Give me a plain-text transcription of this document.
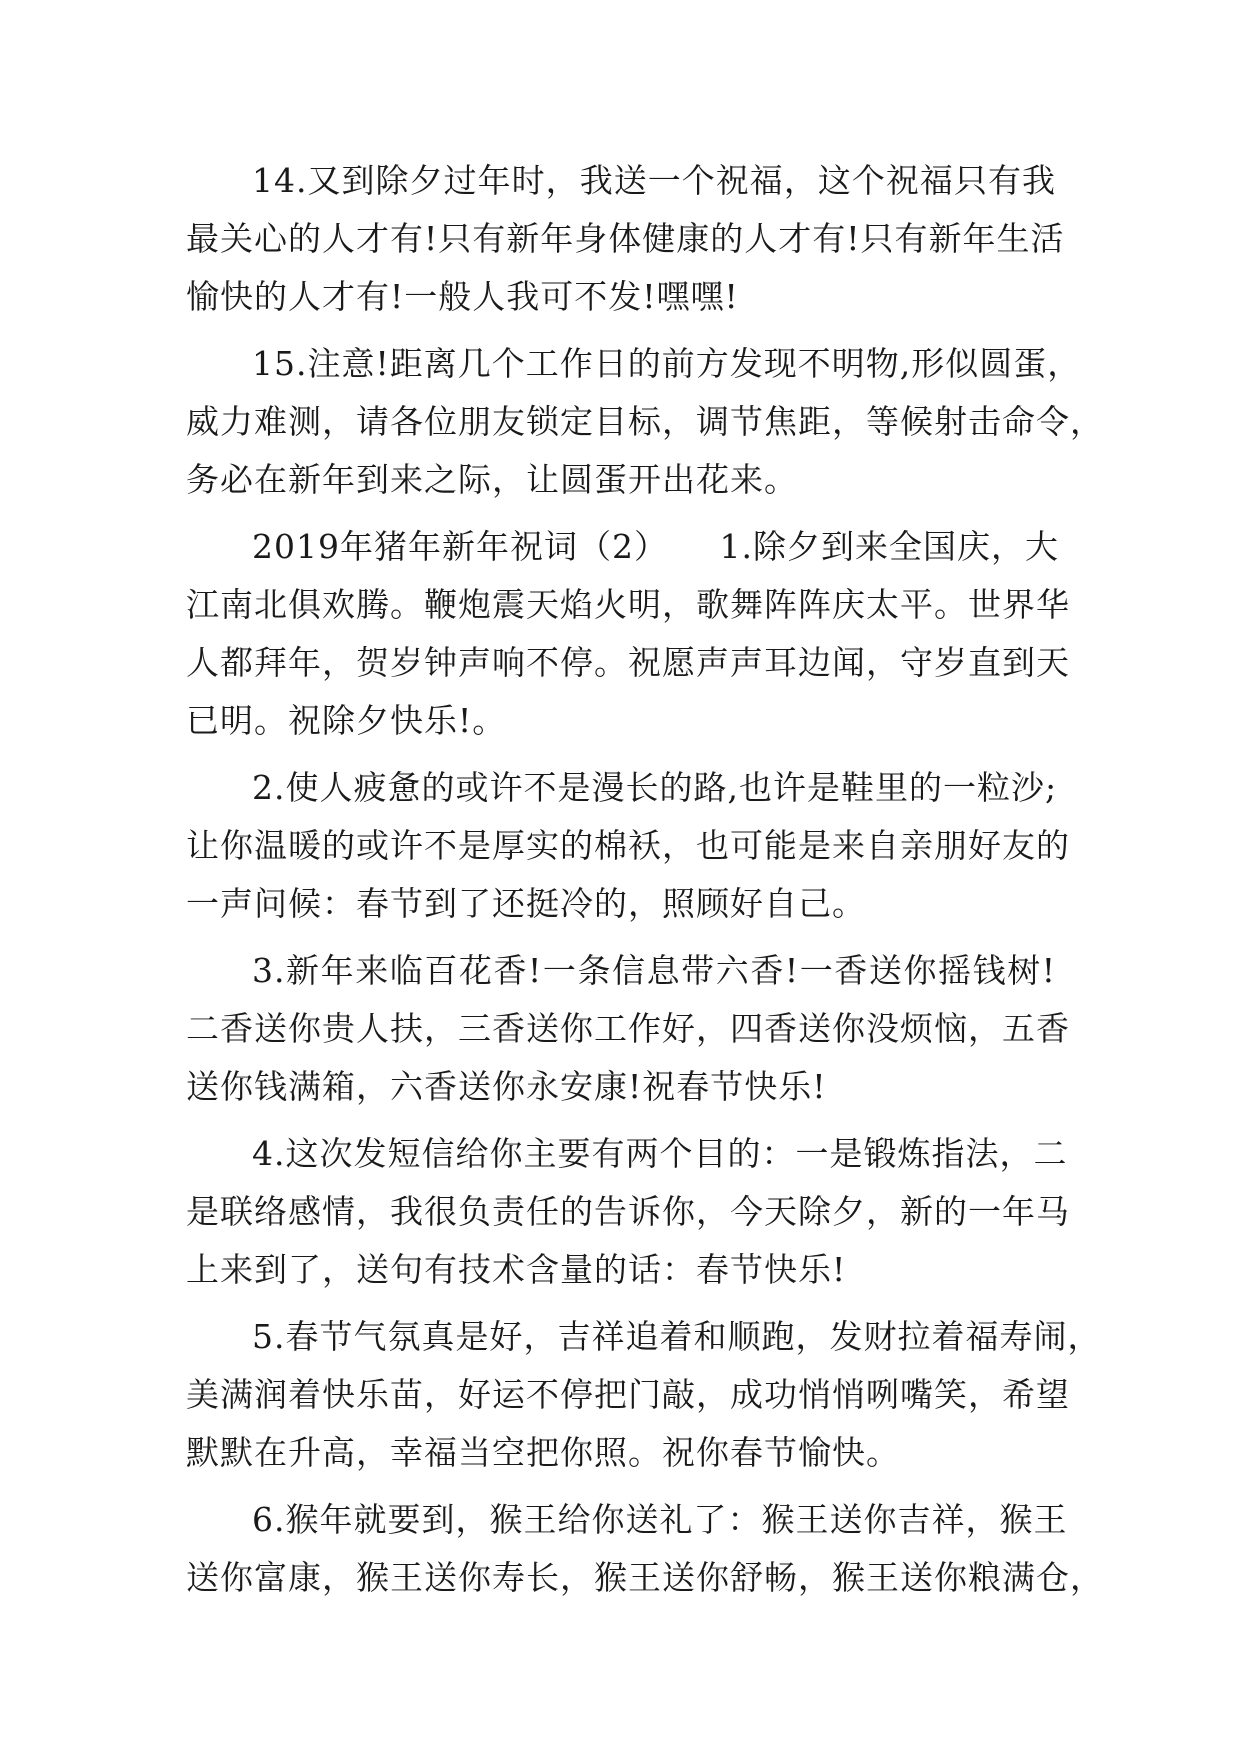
14.又到除夕过年时，我送一个祝福，这个祝福只有我
最关心的人才有!只有新年身体健康的人才有!只有新年生活
愉快的人才有!一般人我可不发!嘿嘿!
15.注意!距离几个工作日的前方发现不明物,形似圆蛋，
威力难测，请各位朋友锁定目标，调节焦距，等候射击命令，
务必在新年到来之际，让圆蛋开出花来。
2019年猪年新年祝词（2）　　1.除夕到来全国庆，大
江南北俱欢腾。鞭炮震天焰火明，歌舞阵阵庆太平。世界华
人都拜年，贺岁钟声响不停。祝愿声声耳边闻，守岁直到天
已明。祝除夕快乐!。
2.使人疲惫的或许不是漫长的路,也许是鞋里的一粒沙;
让你温暖的或许不是厚实的棉袄，也可能是来自亲朋好友的
一声问候：春节到了还挺冷的，照顾好自己。
3.新年来临百花香!一条信息带六香!一香送你摇钱树!
二香送你贵人扶，三香送你工作好，四香送你没烦恼，五香
送你钱满箱，六香送你永安康!祝春节快乐!
4.这次发短信给你主要有两个目的：一是锻炼指法，二
是联络感情，我很负责任的告诉你，今天除夕，新的一年马
上来到了，送句有技术含量的话：春节快乐!
5.春节气氛真是好，吉祥追着和顺跑，发财拉着福寿闹，
美满润着快乐苗，好运不停把门敲，成功悄悄咧嘴笑，希望
默默在升高，幸福当空把你照。祝你春节愉快。
6.猴年就要到，猴王给你送礼了：猴王送你吉祥，猴王
送你富康，猴王送你寿长，猴王送你舒畅，猴王送你粮满仓，
